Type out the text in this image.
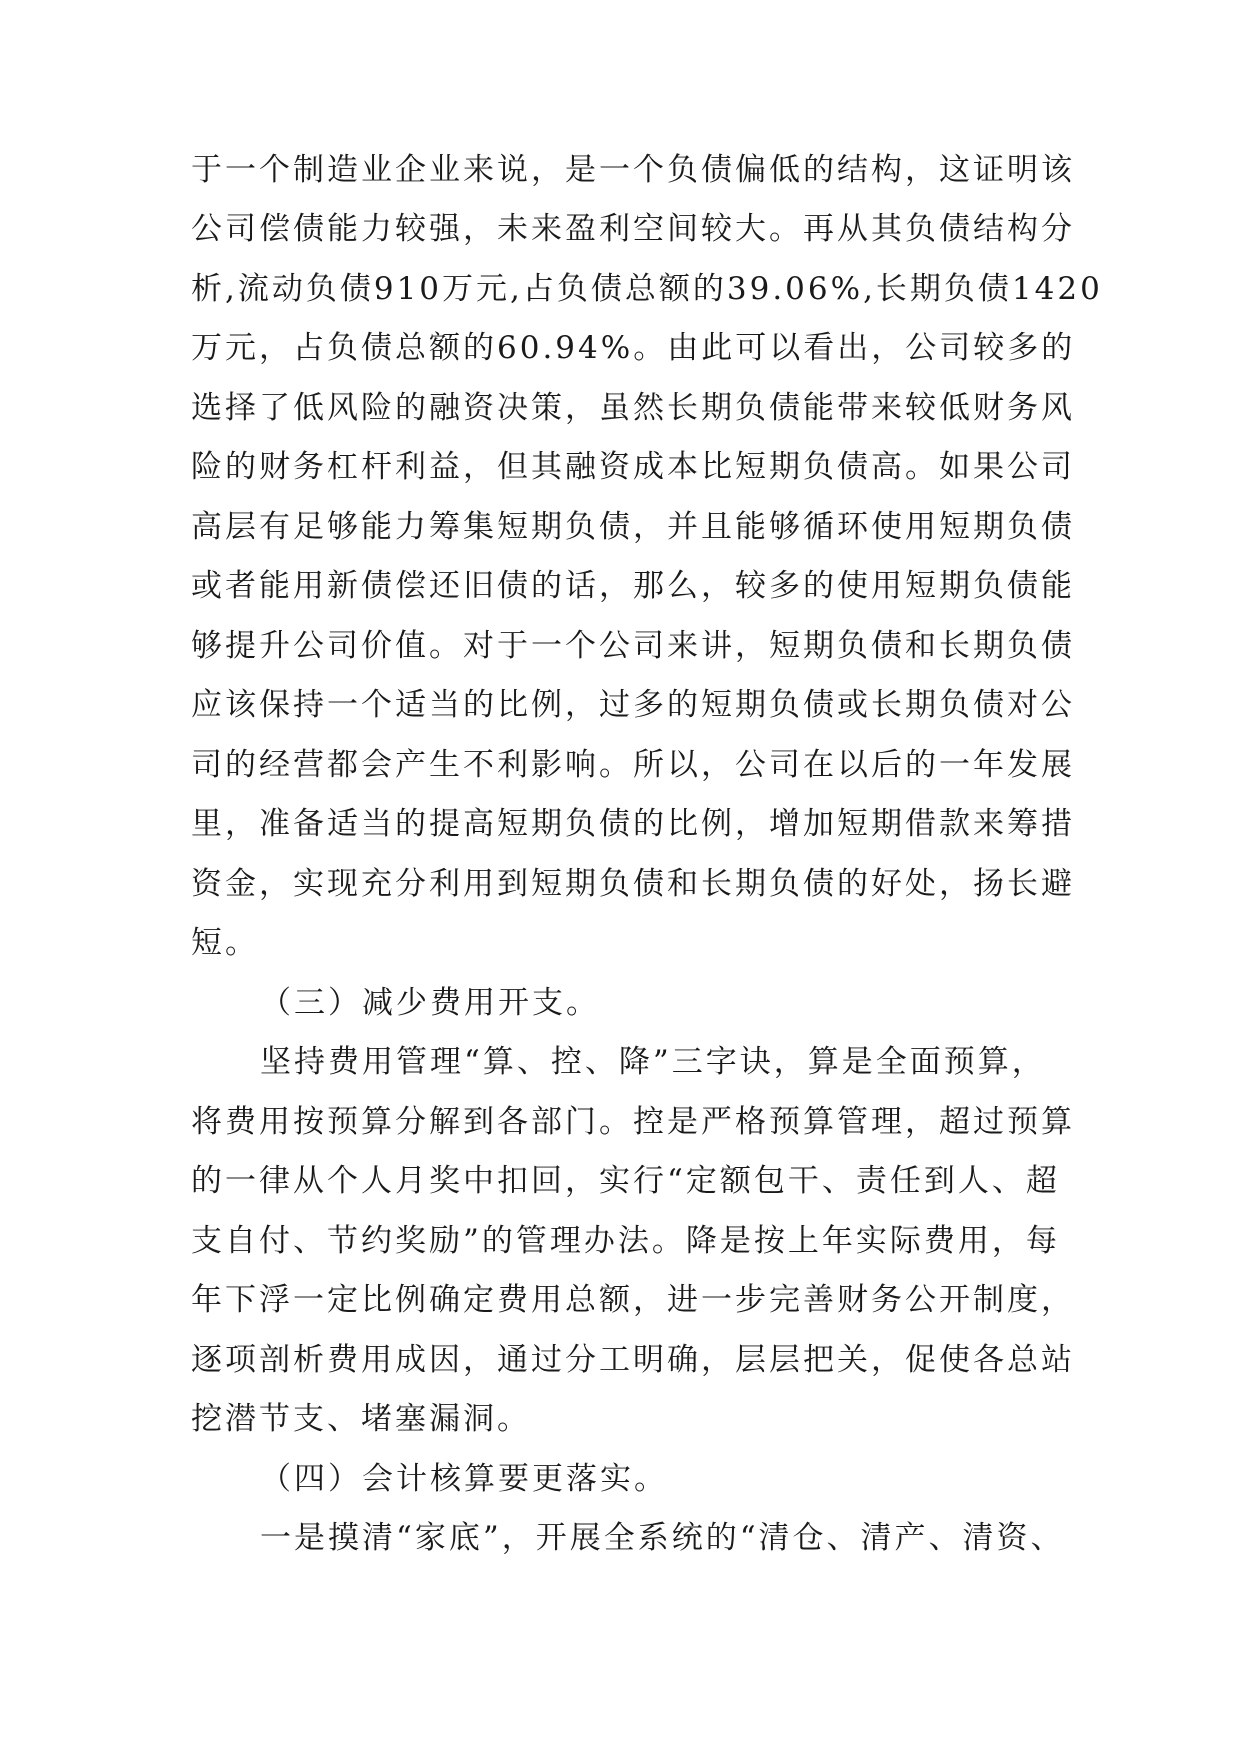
于一个制造业企业来说，是一个负债偏低的结构，这证明该
公司偿债能力较强，未来盈利空间较大。再从其负债结构分
析,流动负债910万元,占负债总额的39.06%,长期负债1420
万元，占负债总额的60.94%。由此可以看出，公司较多的
选择了低风险的融资决策，虽然长期负债能带来较低财务风
险的财务杠杆利益，但其融资成本比短期负债高。如果公司
高层有足够能力筹集短期负债，并且能够循环使用短期负债
或者能用新债偿还旧债的话，那么，较多的使用短期负债能
够提升公司价值。对于一个公司来讲，短期负债和长期负债
应该保持一个适当的比例，过多的短期负债或长期负债对公
司的经营都会产生不利影响。所以，公司在以后的一年发展
里，准备适当的提高短期负债的比例，增加短期借款来筹措
资金，实现充分利用到短期负债和长期负债的好处，扬长避
短。
（三）减少费用开支。
坚持费用管理“算、控、降”三字诀，算是全面预算，
将费用按预算分解到各部门。控是严格预算管理，超过预算
的一律从个人月奖中扣回，实行“定额包干、责任到人、超
支自付、节约奖励”的管理办法。降是按上年实际费用，每
年下浮一定比例确定费用总额，进一步完善财务公开制度，
逐项剖析费用成因，通过分工明确，层层把关，促使各总站
挖潜节支、堵塞漏洞。
（四）会计核算要更落实。
一是摸清“家底”，开展全系统的“清仓、清产、清资、
